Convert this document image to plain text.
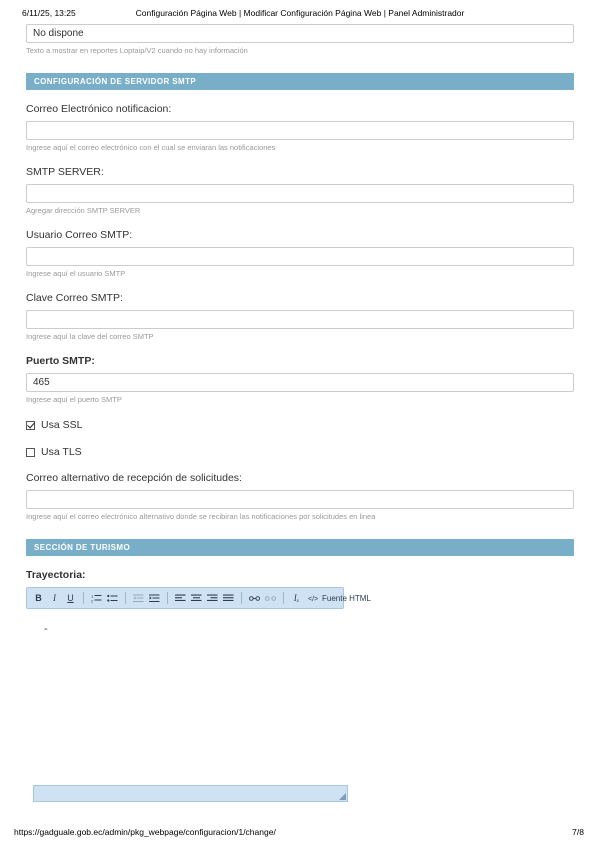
6/11/25, 13:25	Configuración Página Web | Modificar Configuración Página Web | Panel Administrador
No dispone

Texto a mostrar en reportes Loptaip/V2 cuando no hay información

CONFIGURACIÓN DE SERVIDOR SMTP
Correo Electrónico notificacion:

Ingrese aquí el correo electrónico con el cual se enviaran las notificaciones

SMTP SERVER:

Agregar dirección SMTP SERVER

Usuario Correo SMTP:

Ingrese aquí el usuario SMTP

Clave Correo SMTP:

Ingrese aquí la clave del correo SMTP

Puerto SMTP:
465

Ingrese aquí el puerto SMTP

Usa SSL
Usa TLS
Correo alternativo de recepción de solicitudes:

Ingrese aquí el correo electrónico alternativo donde se recibiran las notificaciones por solicitudes en linea

SECCIÓN DE TURISMO
Trayectoria:
B	I	U	1
2	Iₓ	</> Fuente HTML
-
https://gadguale.gob.ec/admin/pkg_webpage/configuracion/1/change/	7/8
